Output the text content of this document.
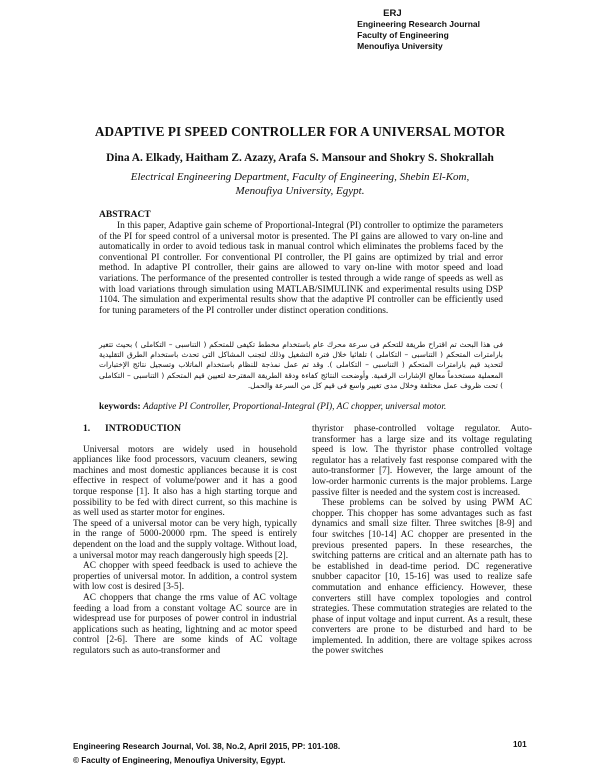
ERJ
Engineering Research Journal
Faculty of Engineering
Menoufiya University
ADAPTIVE PI SPEED CONTROLLER FOR A UNIVERSAL MOTOR
Dina A. Elkady, Haitham Z. Azazy, Arafa S. Mansour and Shokry S. Shokrallah
Electrical Engineering Department, Faculty of Engineering, Shebin El-Kom,
Menoufiya University, Egypt.
ABSTRACT

In this paper, Adaptive gain scheme of Proportional-Integral (PI) controller to optimize the parameters of the PI for speed control of a universal motor is presented. The PI gains are allowed to vary on-line and automatically in order to avoid tedious task in manual control which eliminates the problems faced by the conventional PI controller. For conventional PI controller, the PI gains are optimized by trial and error method. In adaptive PI controller, their gains are allowed to vary on-line with motor speed and load variations. The performance of the presented controller is tested through a wide range of speeds as well as with load variations through simulation using MATLAB/SIMULINK and experimental results using DSP 1104. The simulation and experimental results show that the adaptive PI controller can be efficiently used for tuning parameters of the PI controller under distinct operation conditions.

فى هذا البحث تم اقتراح طريقة للتحكم فى سرعة محرك عام باستخدام مخطط تكيفى للمتحكم ( التناسبى – التكاملى ) بحيث تتغير بارامترات المتحكم ( التناسبى – التكاملى ) تلقائيا خلال فترة التشغيل وذلك لتجنب المشاكل التى تحدث باستخدام الطرق التقليدية لتحديد قيم بارامترات المتحكم ( التناسبى – التكاملى ). وقد تم عمل نمذجة للنظام باستخدام الماتلاب وتسجيل نتائج الإختبارات المعملية مستخدماً معالج الإشارات الرقمية. وأوضحت النتائج كفاءة ودقة الطريقة المقترحة لتعيين قيم المتحكم ( التناسبى – التكاملى ) تحت ظروف عمل مختلفة وخلال مدى تغيير واسع فى قيم كل من السرعة والحمل.
keywords: Adaptive PI Controller, Proportional-Integral (PI), AC chopper, universal motor.
1. INTRODUCTION

Universal motors are widely used in household appliances like food processors, vacuum cleaners, sewing machines and most domestic appliances because it is cost effective in respect of volume/power and it has a good torque response [1]. It also has a high starting torque and possibility to be fed with direct current, so this machine is as well used as starter motor for engines.

The speed of a universal motor can be very high, typically in the range of 5000-20000 rpm. The speed is entirely dependent on the load and the supply voltage. Without load, a universal motor may reach dangerously high speeds [2].

AC chopper with speed feedback is used to achieve the properties of universal motor. In addition, a control system with low cost is desired [3-5].

AC choppers that change the rms value of AC voltage feeding a load from a constant voltage AC source are in widespread use for purposes of power control in industrial applications such as heating, lightning and ac motor speed control [2-6]. There are some kinds of AC voltage regulators such as auto-transformer and

thyristor phase-controlled voltage regulator. Auto-transformer has a large size and its voltage regulating speed is low. The thyristor phase controlled voltage regulator has a relatively fast response compared with the auto-transformer [7]. However, the large amount of the low-order harmonic currents is the major problems. Large passive filter is needed and the system cost is increased.

These problems can be solved by using PWM AC chopper. This chopper has some advantages such as fast dynamics and small size filter. Three switches [8-9] and four switches [10-14] AC chopper are presented in the previous presented papers. In these researches, the switching patterns are critical and an alternate path has to be established in dead-time period. DC regenerative snubber capacitor [10, 15-16] was used to realize safe commutation and enhance efficiency. However, these converters still have complex topologies and control strategies. These commutation strategies are related to the phase of input voltage and input current. As a result, these converters are prone to be disturbed and hard to be implemented. In addition, there are voltage spikes across the power switches

Engineering Research Journal, Vol. 38, No.2, April 2015, PP: 101-108.
© Faculty of Engineering, Menoufiya University, Egypt.
101
